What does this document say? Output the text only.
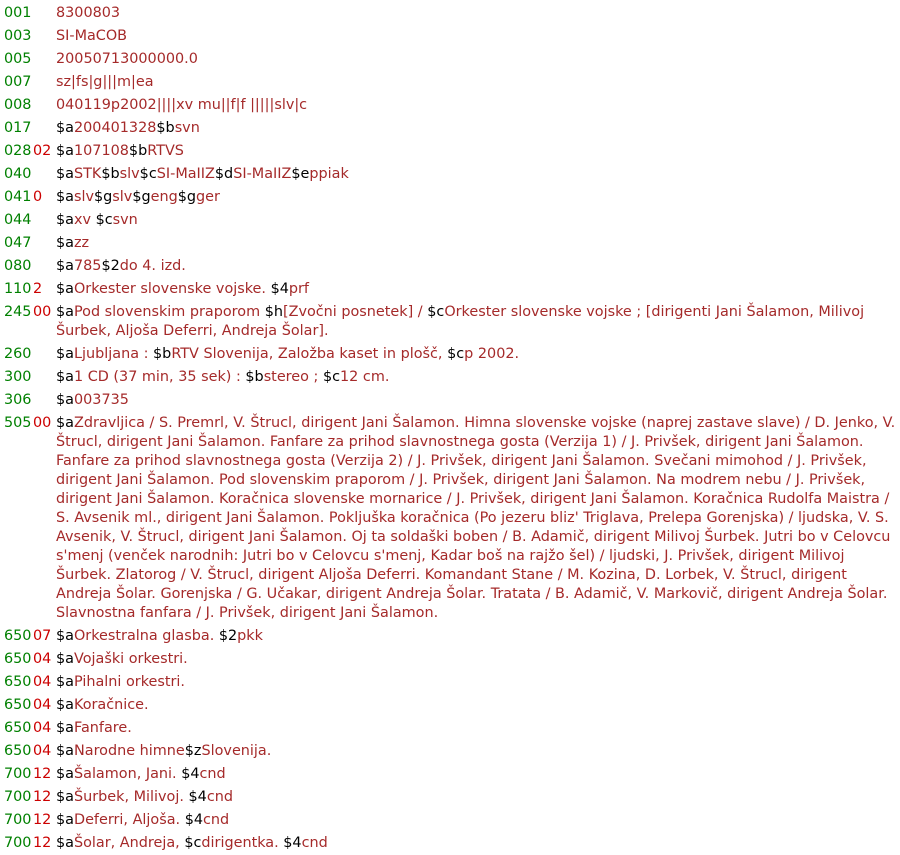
001 8300803
003 SI-MaCOB
005 20050713000000.0
007 sz|fs|g|||m|ea
008 040119p2002||||xv mu||f|f |||||slv|c
017 $a200401328$bsvn
028 02 $a107108$bRTVS
040 $aSTK$bslv$cSI-MaIIZ$dSI-MaIIZ$eppiak
041 0 $aslv$gslv$geng$gger
044 $axv $csvn
047 $azz
080 $a785$2do 4. izd.
110 2 $aOrkester slovenske vojske. $4prf
245 00 $aPod slovenskim praporom $h[Zvočni posnetek] / $cOrkester slovenske vojske ; [dirigenti Jani Šalamon, Milivoj Šurbek, Aljoša Deferri, Andreja Šolar].
260 $aLjubljana : $bRTV Slovenija, Založba kaset in plošč, $cp 2002.
300 $a1 CD (37 min, 35 sek) : $bstereo ; $c12 cm.
306 $a003735
505 00 $aZdravljica / S. Premrl, V. Štrucl, dirigent Jani Šalamon. Himna slovenske vojske (naprej zastave slave) / D. Jenko, V. Štrucl, dirigent Jani Šalamon. Fanfare za prihod slavnostnega gosta (Verzija 1) / J. Privšek, dirigent Jani Šalamon. Fanfare za prihod slavnostnega gosta (Verzija 2) / J. Privšek, dirigent Jani Šalamon. Svečani mimohod / J. Privšek, dirigent Jani Šalamon. Pod slovenskim praporom / J. Privšek, dirigent Jani Šalamon. Na modrem nebu / J. Privšek, dirigent Jani Šalamon. Koračnica slovenske mornarice / J. Privšek, dirigent Jani Šalamon. Koračnica Rudolfa Maistra / S. Avsenik ml., dirigent Jani Šalamon. Pokljuška koračnica (Po jezeru bliz' Triglava, Prelepa Gorenjska) / ljudska, V. S. Avsenik, V. Štrucl, dirigent Jani Šalamon. Oj ta soldaški boben / B. Adamič, dirigent Milivoj Šurbek. Jutri bo v Celovcu s'menj (venček narodnih: Jutri bo v Celovcu s'menj, Kadar boš na rajžo šel) / ljudski, J. Privšek, dirigent Milivoj Šurbek. Zlatorog / V. Štrucl, dirigent Aljoša Deferri. Komandant Stane / M. Kozina, D. Lorbek, V. Štrucl, dirigent Andreja Šolar. Gorenjska / G. Učakar, dirigent Andreja Šolar. Tratata / B. Adamič, V. Markovič, dirigent Andreja Šolar. Slavnostna fanfara / J. Privšek, dirigent Jani Šalamon.
650 07 $aOrkestralna glasba. $2pkk
650 04 $aVojaški orkestri.
650 04 $aPihalni orkestri.
650 04 $aKoračnice.
650 04 $aFanfare.
650 04 $aNarodne himne$zSlovenija.
700 12 $aŠalamon, Jani. $4cnd
700 12 $aŠurbek, Milivoj. $4cnd
700 12 $aDeferri, Aljoša. $4cnd
700 12 $aŠolar, Andreja, $cdirigentka. $4cnd
